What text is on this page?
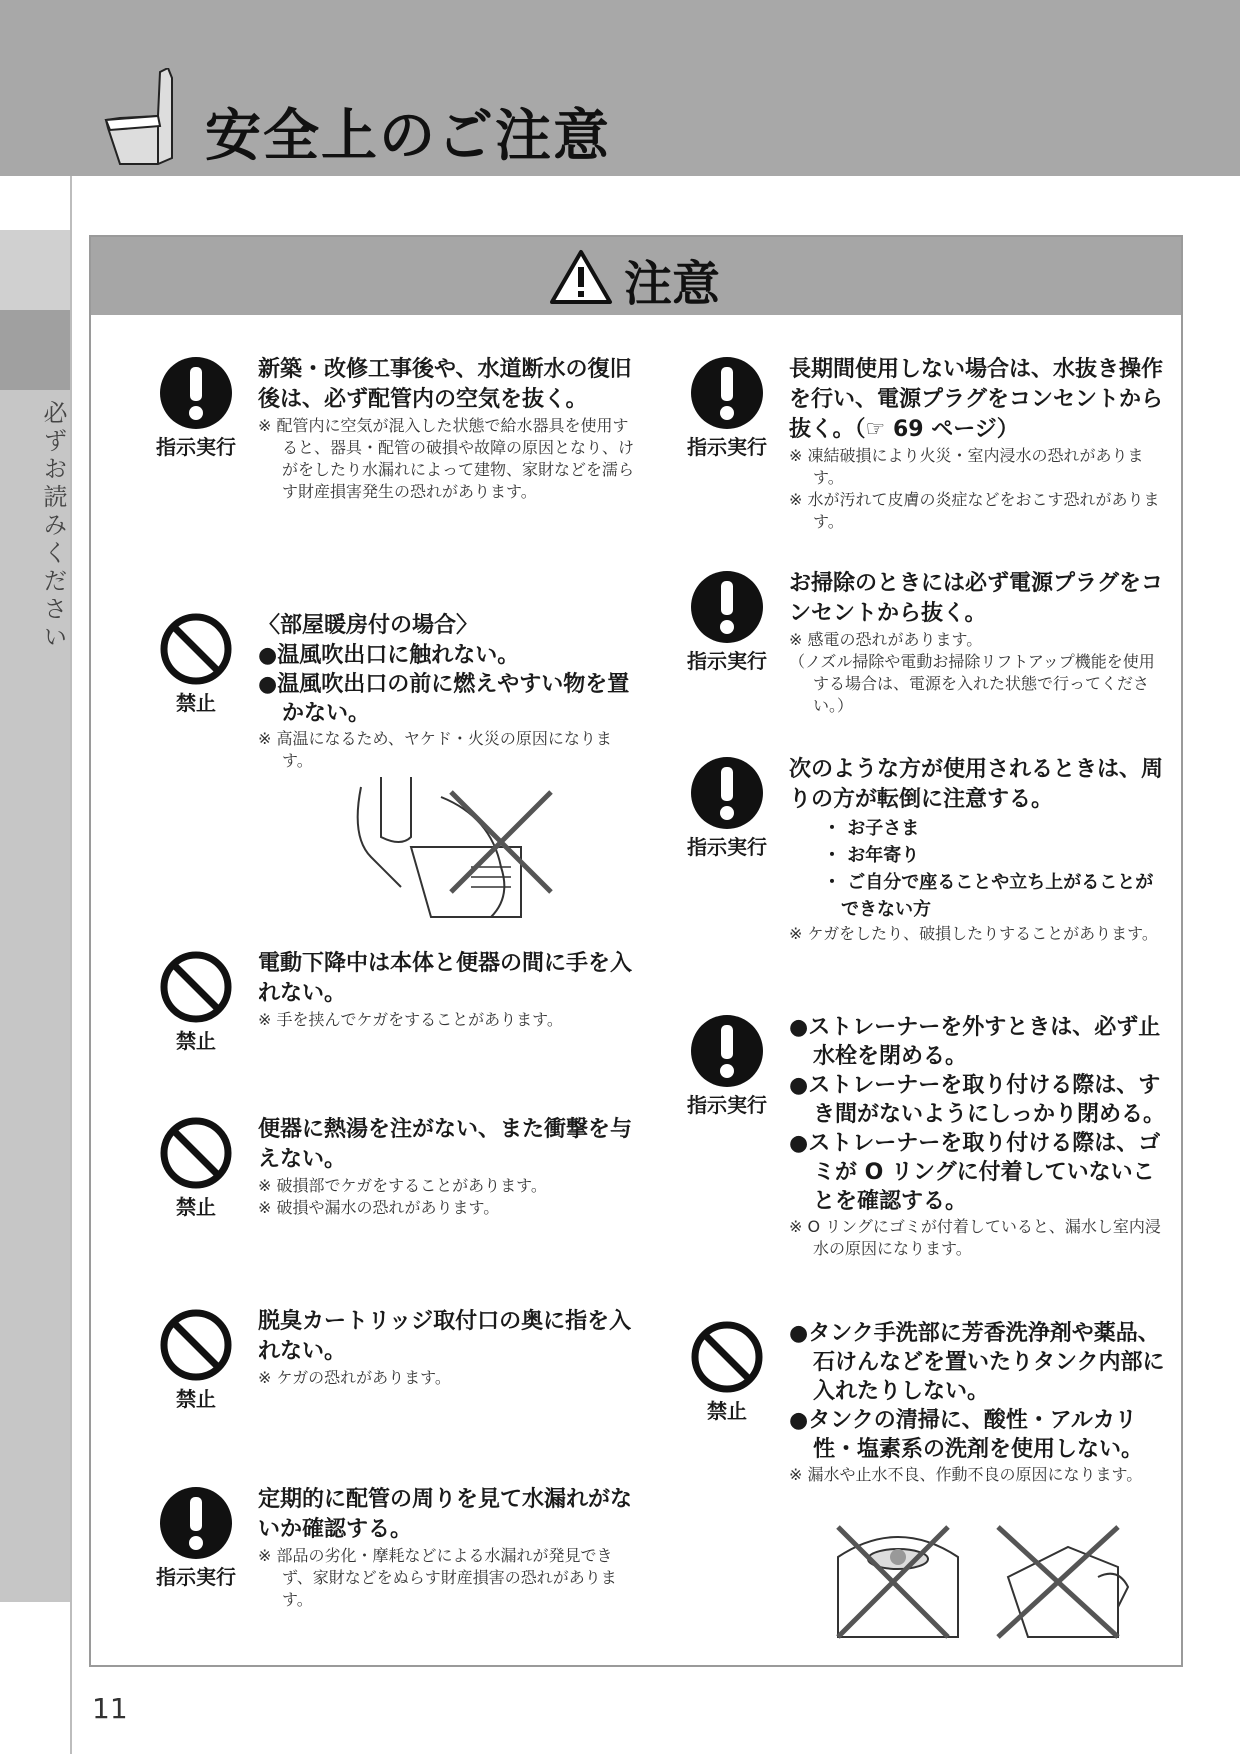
安全上のご注意
必ずお読みください
注意
指示実行
新築・改修工事後や、水道断水の復旧後は、必ず配管内の空気を抜く。
※ 配管内に空気が混入した状態で給水器具を使用すると、器具・配管の破損や故障の原因となり、けがをしたり水漏れによって建物、家財などを濡らす財産損害発生の恐れがあります。
禁止
〈部屋暖房付の場合〉
●温風吹出口に触れない。
●温風吹出口の前に燃えやすい物を置かない。
※ 高温になるため、ヤケド・火災の原因になります。
禁止
電動下降中は本体と便器の間に手を入れない。
※ 手を挟んでケガをすることがあります。
禁止
便器に熱湯を注がない、また衝撃を与えない。
※ 破損部でケガをすることがあります。
※ 破損や漏水の恐れがあります。
禁止
脱臭カートリッジ取付口の奥に指を入れない。
※ ケガの恐れがあります。
指示実行
定期的に配管の周りを見て水漏れがないか確認する。
※ 部品の劣化・摩耗などによる水漏れが発見できず、家財などをぬらす財産損害の恐れがあります。
指示実行
長期間使用しない場合は、水抜き操作を行い、電源プラグをコンセントから抜く。（☞ 69 ページ）
※ 凍結破損により火災・室内浸水の恐れがあります。
※ 水が汚れて皮膚の炎症などをおこす恐れがあります。
指示実行
お掃除のときには必ず電源プラグをコンセントから抜く。
※ 感電の恐れがあります。
（ノズル掃除や電動お掃除リフトアップ機能を使用する場合は、電源を入れた状態で行ってください。）
指示実行
次のような方が使用されるときは、周りの方が転倒に注意する。
・ お子さま
・ お年寄り
・ ご自分で座ることや立ち上がることができない方
※ ケガをしたり、破損したりすることがあります。
指示実行
●ストレーナーを外すときは、必ず止水栓を閉める。
●ストレーナーを取り付ける際は、すき間がないようにしっかり閉める。
●ストレーナーを取り付ける際は、ゴミが O リングに付着していないことを確認する。
※ O リングにゴミが付着していると、漏水し室内浸水の原因になります。
禁止
●タンク手洗部に芳香洗浄剤や薬品、石けんなどを置いたりタンク内部に入れたりしない。
●タンクの清掃に、酸性・アルカリ性・塩素系の洗剤を使用しない。
※ 漏水や止水不良、作動不良の原因になります。
11
